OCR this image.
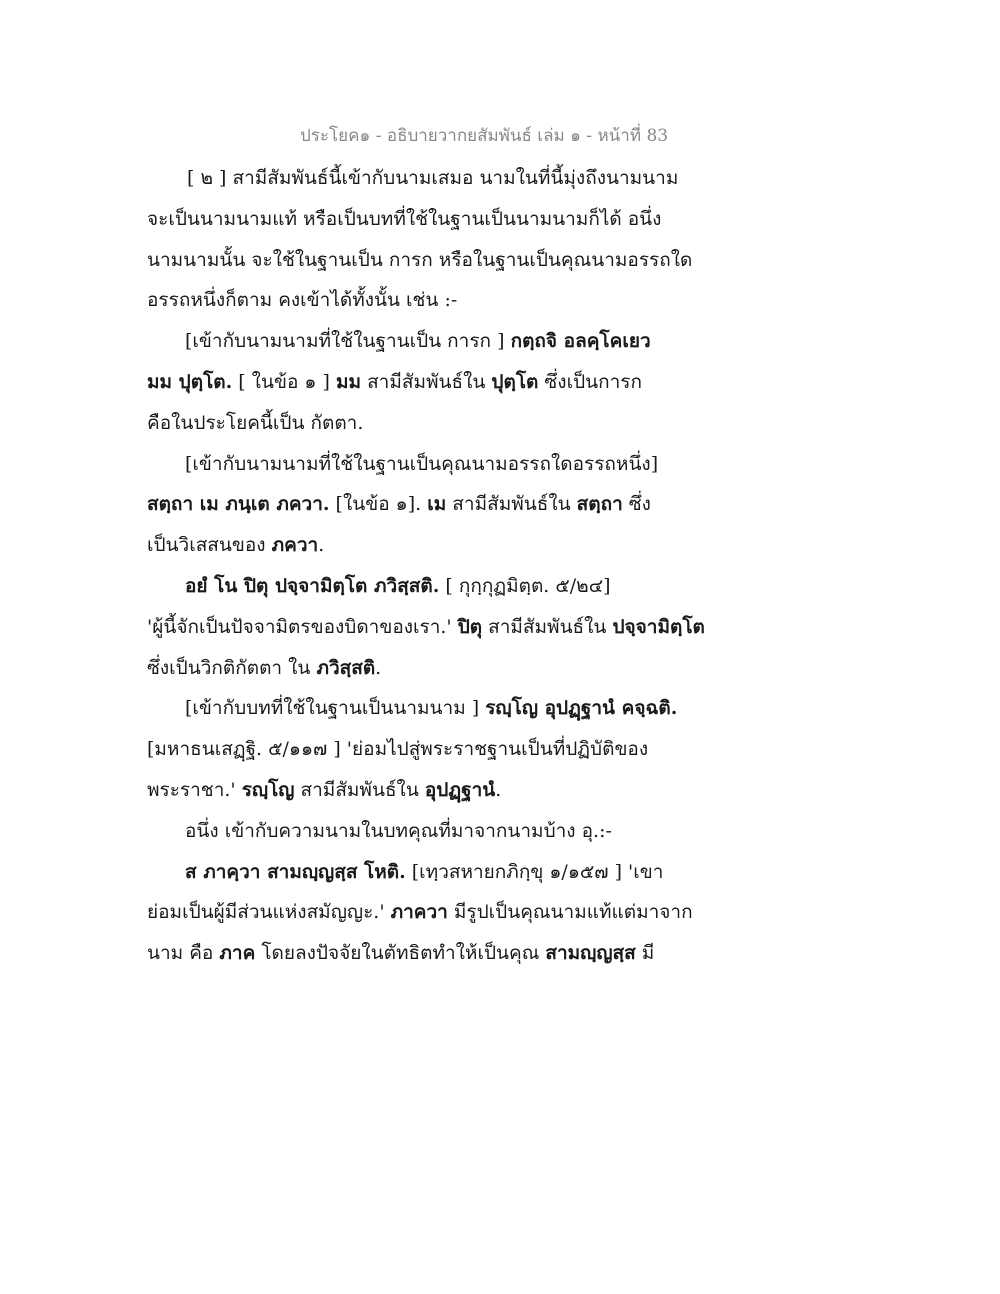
ประโยค๑ - อธิบายวากยสัมพันธ์ เล่ม ๑ - หน้าที่ 83
[ ๒ ] สามีสัมพันธ์นี้เข้ากับนามเสมอ นามในที่นี้มุ่งถึงนามนาม
จะเป็นนามนามแท้ หรือเป็นบทที่ใช้ในฐานเป็นนามนามก็ได้ อนึ่ง
นามนามนั้น จะใช้ในฐานเป็น การก หรือในฐานเป็นคุณนามอรรถใด
อรรถหนึ่งก็ตาม คงเข้าได้ทั้งนั้น เช่น :-
[เข้ากับนามนามที่ใช้ในฐานเป็น การก ] กตฺถจิ อลคฺโคเยว
มม ปุตฺโต. [ ในข้อ ๑ ] มม สามีสัมพันธ์ใน ปุตฺโต ซึ่งเป็นการก
คือในประโยคนี้เป็น กัตตา.
[เข้ากับนามนามที่ใช้ในฐานเป็นคุณนามอรรถใดอรรถหนึ่ง]
สตฺถา เม ภนฺเต ภควา. [ในข้อ ๑]. เม สามีสัมพันธ์ใน สตฺถา ซึ่ง
เป็นวิเสสนของ ภควา.
อยํ โน ปิตุ ปจฺจามิตฺโต ภวิสฺสติ. [ กุกฺกุฏมิตฺต. ๕/๒๔]
'ผู้นี้จักเป็นปัจจามิตรของบิดาของเรา.' ปิตุ สามีสัมพันธ์ใน ปจฺจามิตฺโต
ซึ่งเป็นวิกติกัตตา ใน ภวิสฺสติ.
[เข้ากับบทที่ใช้ในฐานเป็นนามนาม ] รญฺโญ อุปฏฺฐานํ คจฺฉติ.
[มหาธนเสฏฺฐิ. ๕/๑๑๗ ] 'ย่อมไปสู่พระราชฐานเป็นที่ปฏิบัติของ
พระราชา.' รญฺโญ สามีสัมพันธ์ใน อุปฏฺฐานํ.
อนึ่ง เข้ากับความนามในบทคุณที่มาจากนามบ้าง อุ.:-
ส ภาคฺวา สามญฺญสฺส โหติ. [เทฺวสหายกภิกฺขุ ๑/๑๕๗ ] 'เขา
ย่อมเป็นผู้มีส่วนแห่งสมัญญะ.' ภาควา มีรูปเป็นคุณนามแท้แต่มาจาก
นาม คือ ภาค โดยลงปัจจัยในตัทธิตทำให้เป็นคุณ สามญฺญสฺส มี
